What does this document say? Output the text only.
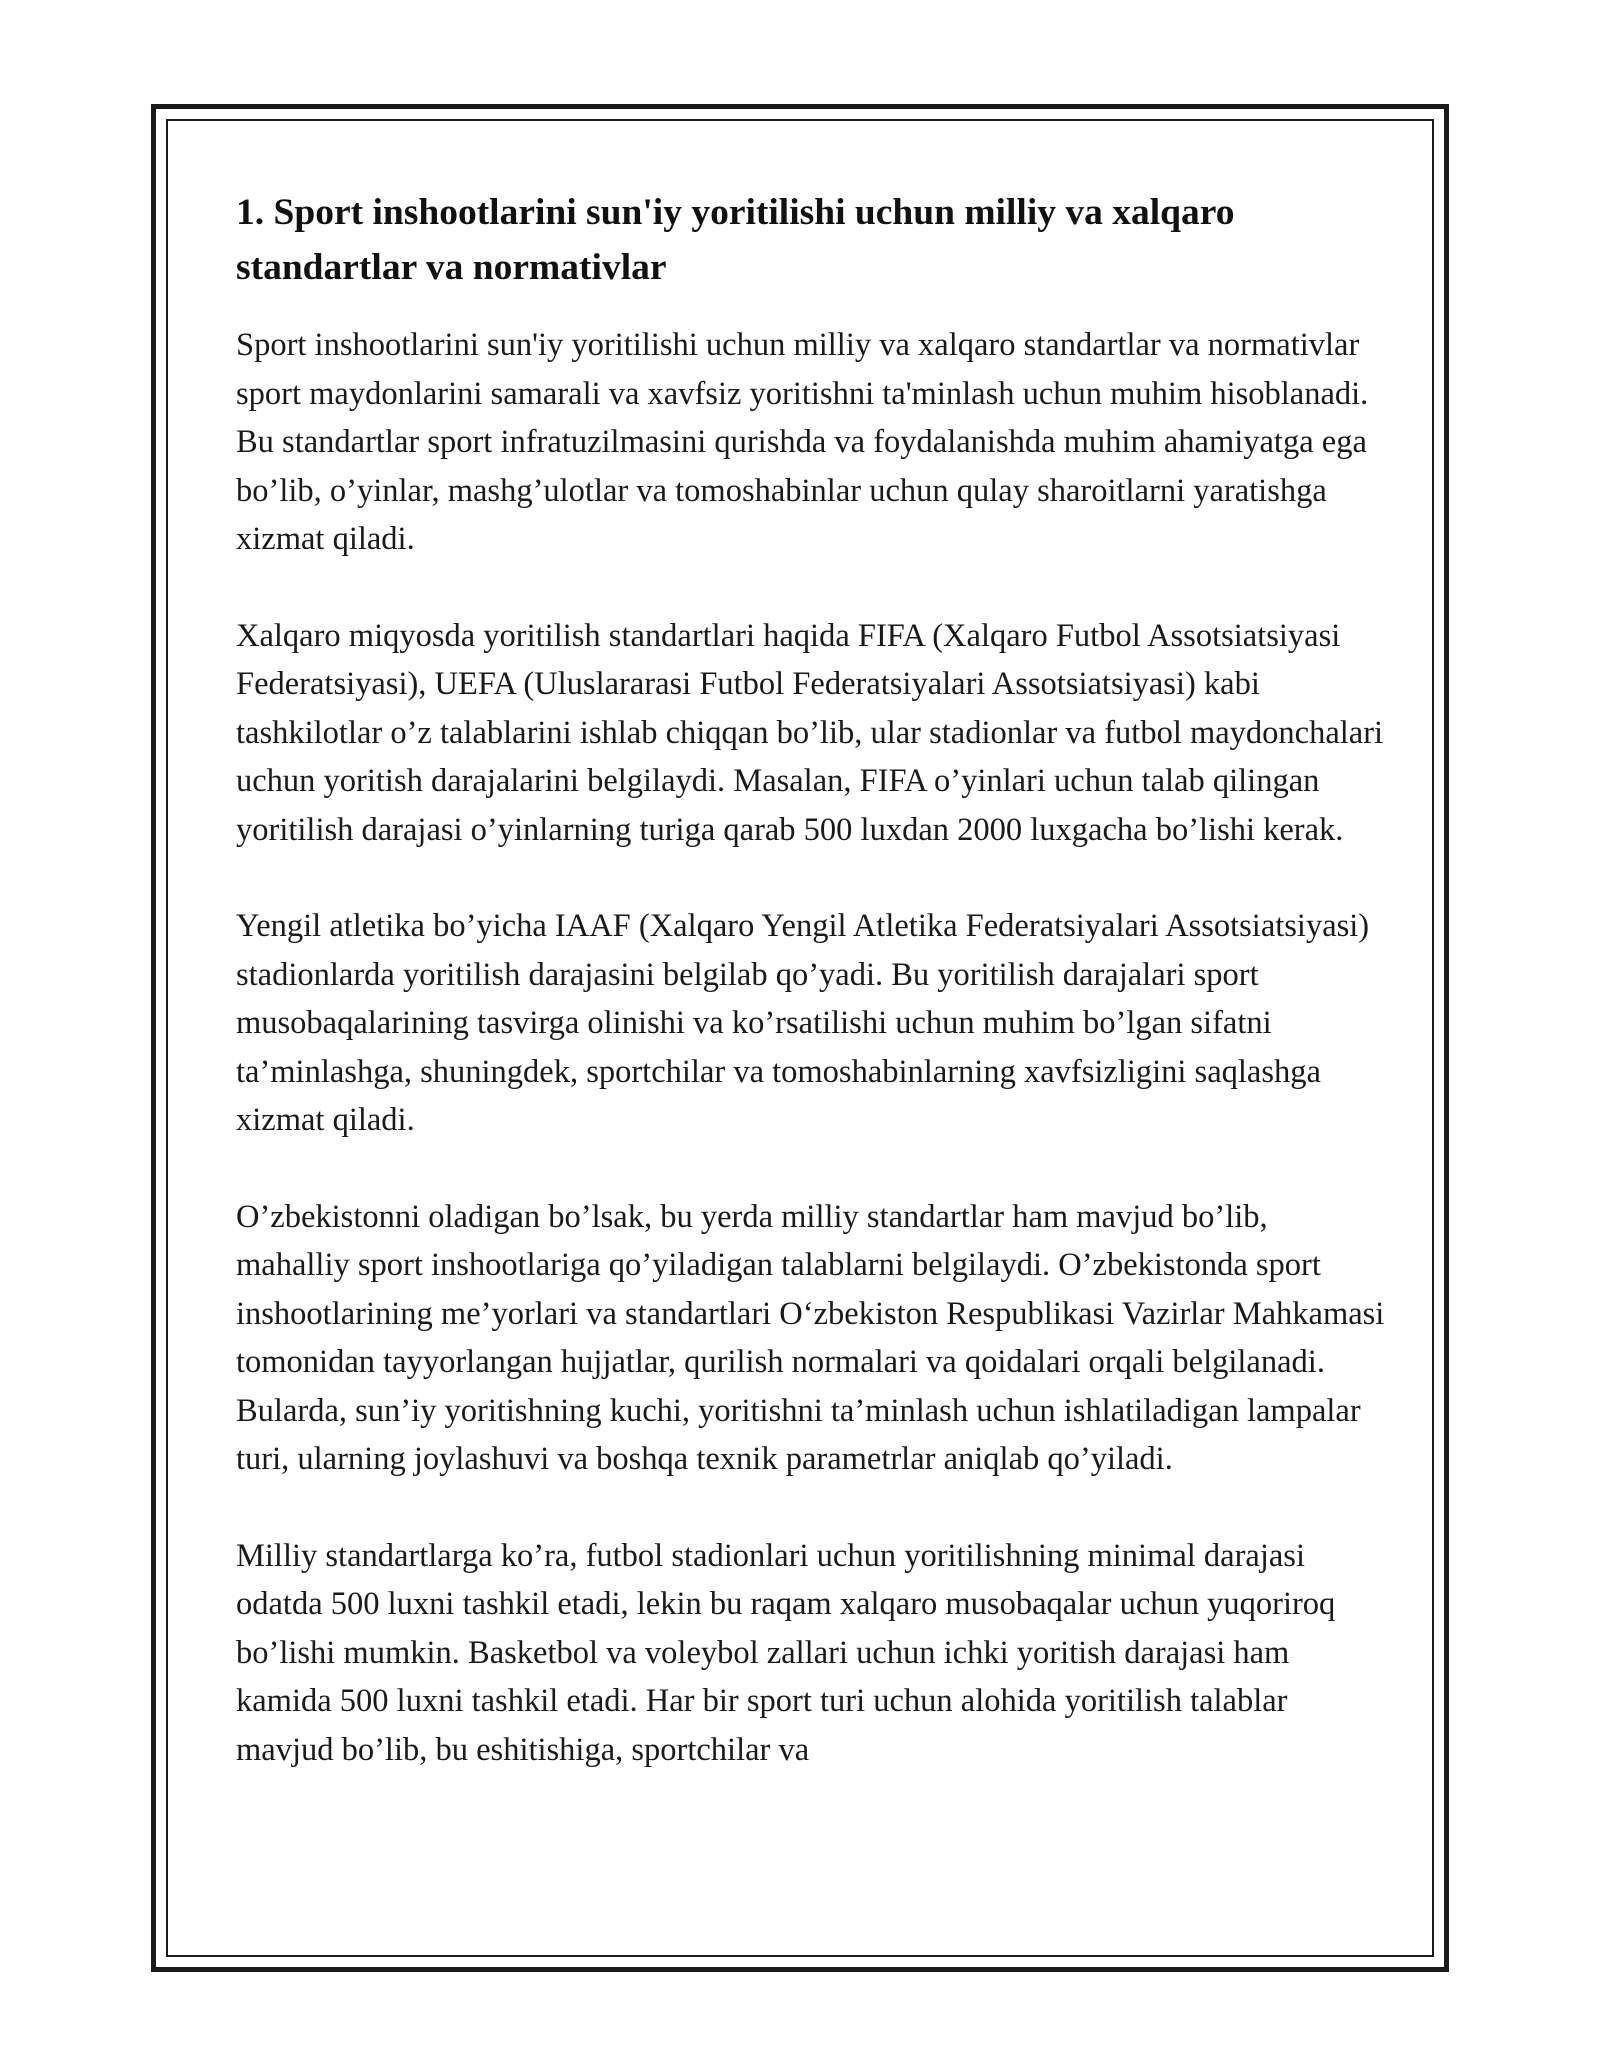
1. Sport inshootlarini sun'iy yoritilishi uchun milliy va xalqaro standartlar va normativlar

Sport inshootlarini sun'iy yoritilishi uchun milliy va xalqaro standartlar va normativlar sport maydonlarini samarali va xavfsiz yoritishni ta'minlash uchun muhim hisoblanadi. Bu standartlar sport infratuzilmasini qurishda va foydalanishda muhim ahamiyatga ega bo’lib, o’yinlar, mashg’ulotlar va tomoshabinlar uchun qulay sharoitlarni yaratishga xizmat qiladi.

Xalqaro miqyosda yoritilish standartlari haqida FIFA (Xalqaro Futbol Assotsiatsiyasi Federatsiyasi), UEFA (Uluslararasi Futbol Federatsiyalari Assotsiatsiyasi) kabi tashkilotlar o’z talablarini ishlab chiqqan bo’lib, ular stadionlar va futbol maydonchalari uchun yoritish darajalarini belgilaydi. Masalan, FIFA o’yinlari uchun talab qilingan yoritilish darajasi o’yinlarning turiga qarab 500 luxdan 2000 luxgacha bo’lishi kerak.

Yengil atletika bo’yicha IAAF (Xalqaro Yengil Atletika Federatsiyalari Assotsiatsiyasi) stadionlarda yoritilish darajasini belgilab qo’yadi. Bu yoritilish darajalari sport musobaqalarining tasvirga olinishi va ko’rsatilishi uchun muhim bo’lgan sifatni ta’minlashga, shuningdek, sportchilar va tomoshabinlarning xavfsizligini saqlashga xizmat qiladi.

O’zbekistonni oladigan bo’lsak, bu yerda milliy standartlar ham mavjud bo’lib, mahalliy sport inshootlariga qo’yiladigan talablarni belgilaydi. O’zbekistonda sport inshootlarining me’yorlari va standartlari O‘zbekiston Respublikasi Vazirlar Mahkamasi tomonidan tayyorlangan hujjatlar, qurilish normalari va qoidalari orqali belgilanadi. Bularda, sun’iy yoritishning kuchi, yoritishni ta’minlash uchun ishlatiladigan lampalar turi, ularning joylashuvi va boshqa texnik parametrlar aniqlab qo’yiladi.

Milliy standartlarga ko’ra, futbol stadionlari uchun yoritilishning minimal darajasi odatda 500 luxni tashkil etadi, lekin bu raqam xalqaro musobaqalar uchun yuqoriroq bo’lishi mumkin. Basketbol va voleybol zallari uchun ichki yoritish darajasi ham kamida 500 luxni tashkil etadi. Har bir sport turi uchun alohida yoritilish talablar mavjud bo’lib, bu eshitishiga, sportchilar va
